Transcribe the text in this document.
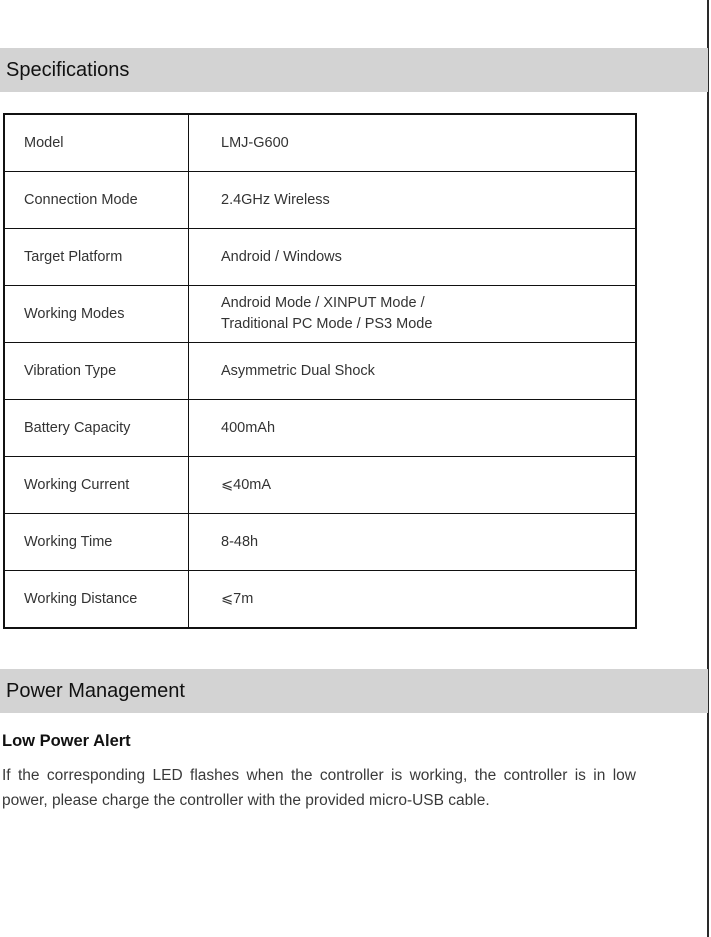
Specifications
Model	LMJ-G600

Connection Mode	2.4GHz Wireless

Target Platform	Android / Windows

Working Modes	Android Mode / XINPUT Mode /
Traditional PC Mode / PS3 Mode

Vibration Type	Asymmetric Dual Shock

Battery Capacity	400mAh

Working Current	⩽40mA

Working Time	8-48h

Working Distance	⩽7m
Power Management
Low Power Alert

If the corresponding LED flashes when the controller is working, the controller is in low power, please charge the controller with the provided micro-USB cable.
